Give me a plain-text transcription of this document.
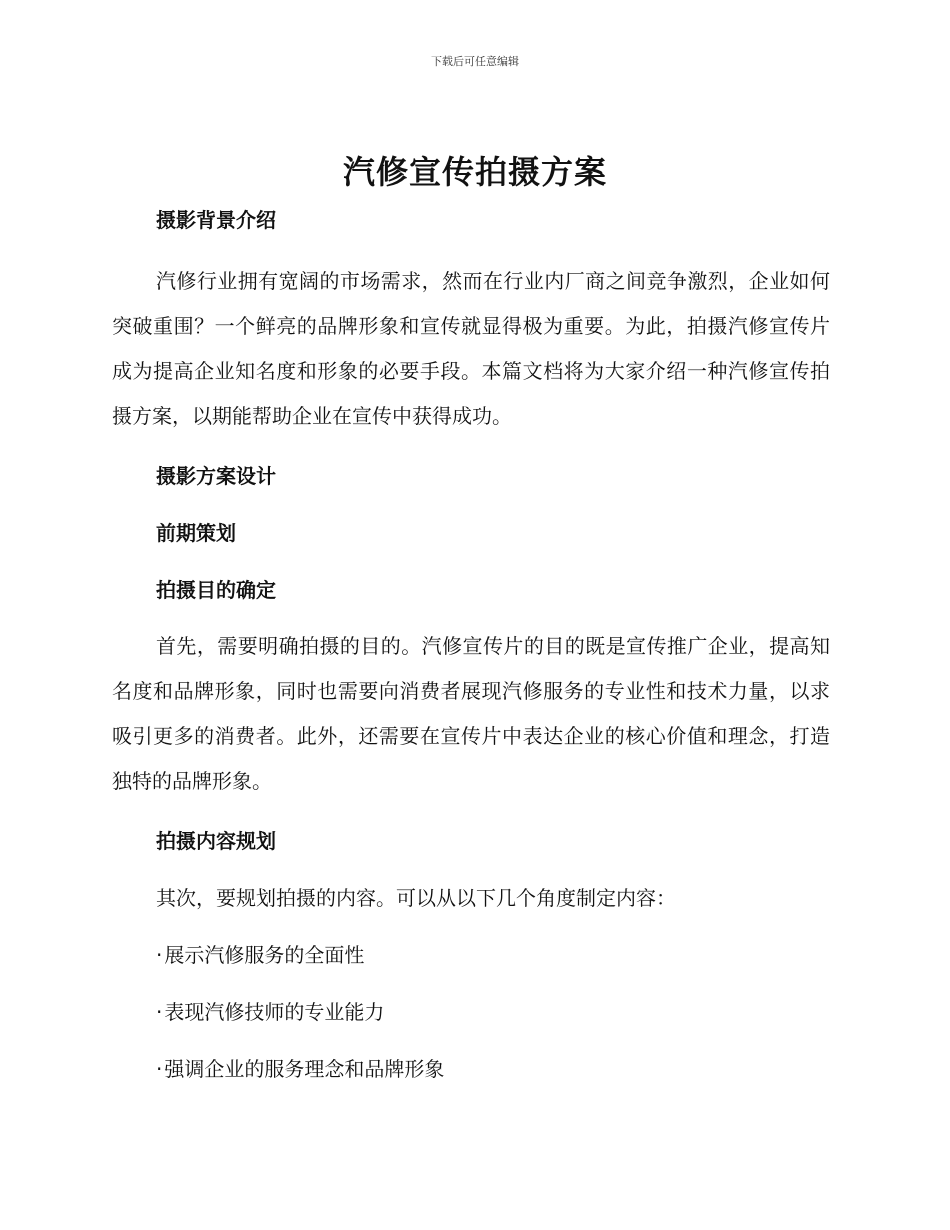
下载后可任意编辑
汽修宣传拍摄方案

摄影背景介绍

汽修行业拥有宽阔的市场需求，然而在行业内厂商之间竞争激烈，企业如何突破重围？一个鲜亮的品牌形象和宣传就显得极为重要。为此，拍摄汽修宣传片成为提高企业知名度和形象的必要手段。本篇文档将为大家介绍一种汽修宣传拍摄方案，以期能帮助企业在宣传中获得成功。

摄影方案设计

前期策划

拍摄目的确定

首先，需要明确拍摄的目的。汽修宣传片的目的既是宣传推广企业，提高知名度和品牌形象，同时也需要向消费者展现汽修服务的专业性和技术力量，以求吸引更多的消费者。此外，还需要在宣传片中表达企业的核心价值和理念，打造独特的品牌形象。

拍摄内容规划

其次，要规划拍摄的内容。可以从以下几个角度制定内容：

· 展示汽修服务的全面性

· 表现汽修技师的专业能力

· 强调企业的服务理念和品牌形象
